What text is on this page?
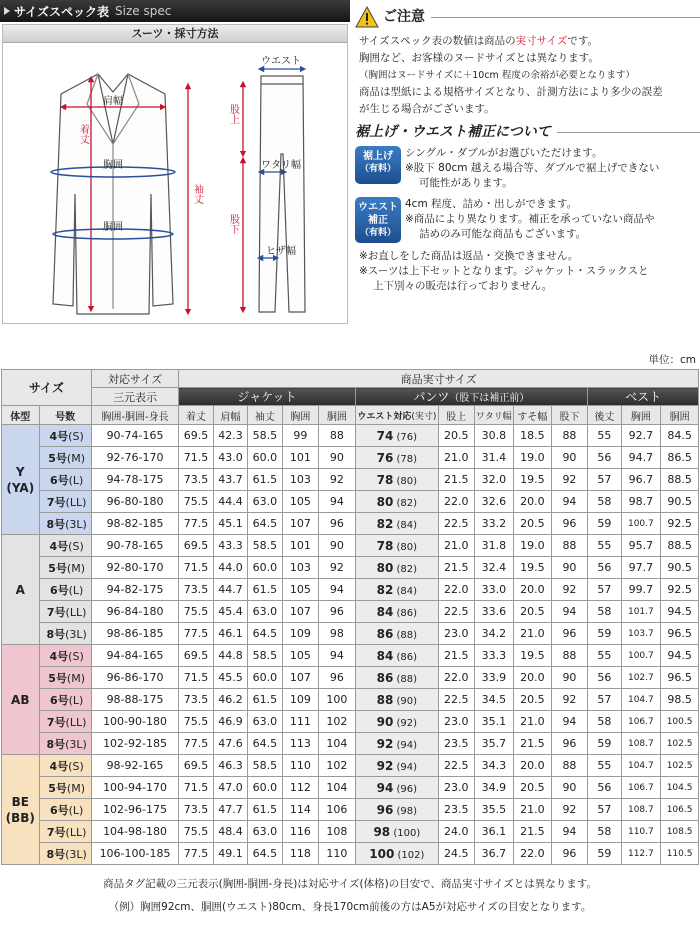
サイズスペック表 Size spec
スーツ・採寸方法
肩幅
着丈
胸囲
胴囲
袖丈
ウエスト
股上
股下
ワタリ幅
ヒザ幅
ご注意

サイズスペック表の数値は商品の実寸サイズです。

胸囲など、お客様のヌードサイズとは異なります。

（胸囲はヌードサイズに＋10cm 程度の余裕が必要となります）

商品は型紙による規格サイズとなり、計測方法により多少の誤差

が生じる場合がございます。

裾上げ・ウエスト補正について
裾上げ
（有料）

シングル・ダブルがお選びいただけます。

※股下 80cm 越える場合等、ダブルで裾上げできない

可能性があります。

ウエスト
補正
（有料）

4cm 程度、詰め・出しができます。

※商品により異なります。補正を承っていない商品や

詰めのみ可能な商品もございます。

※お直しをした商品は返品・交換できません。

※スーツは上下セットとなります。ジャケット・スラックスと

上下別々の販売は行っておりません。

単位：cm
サイズ		対応サイズ	商品実寸サイズ												
		三元表示	ジャケット					パンツ（股下は補正前）					ベスト		
体型	号数	胸囲-胴囲-身長	着丈	肩幅	袖丈	胸囲	胴囲	ウエスト対応(実寸)	股上	ワタリ幅	すそ幅	股下	後丈	胸囲	胴囲

Y
(YA)	4号(S)	90-74-165	69.5	42.3	58.5	99	88	74 (76)	20.5	30.8	18.5	88	55	92.7	84.5
	5号(M)	92-76-170	71.5	43.0	60.0	101	90	76 (78)	21.0	31.4	19.0	90	56	94.7	86.5
	6号(L)	94-78-175	73.5	43.7	61.5	103	92	78 (80)	21.5	32.0	19.5	92	57	96.7	88.5
	7号(LL)	96-80-180	75.5	44.4	63.0	105	94	80 (82)	22.0	32.6	20.0	94	58	98.7	90.5
	8号(3L)	98-82-185	77.5	45.1	64.5	107	96	82 (84)	22.5	33.2	20.5	96	59	100.7	92.5

A	4号(S)	90-78-165	69.5	43.3	58.5	101	90	78 (80)	21.0	31.8	19.0	88	55	95.7	88.5
	5号(M)	92-80-170	71.5	44.0	60.0	103	92	80 (82)	21.5	32.4	19.5	90	56	97.7	90.5
	6号(L)	94-82-175	73.5	44.7	61.5	105	94	82 (84)	22.0	33.0	20.0	92	57	99.7	92.5
	7号(LL)	96-84-180	75.5	45.4	63.0	107	96	84 (86)	22.5	33.6	20.5	94	58	101.7	94.5
	8号(3L)	98-86-185	77.5	46.1	64.5	109	98	86 (88)	23.0	34.2	21.0	96	59	103.7	96.5

AB	4号(S)	94-84-165	69.5	44.8	58.5	105	94	84 (86)	21.5	33.3	19.5	88	55	100.7	94.5
	5号(M)	96-86-170	71.5	45.5	60.0	107	96	86 (88)	22.0	33.9	20.0	90	56	102.7	96.5
	6号(L)	98-88-175	73.5	46.2	61.5	109	100	88 (90)	22.5	34.5	20.5	92	57	104.7	98.5
	7号(LL)	100-90-180	75.5	46.9	63.0	111	102	90 (92)	23.0	35.1	21.0	94	58	106.7	100.5
	8号(3L)	102-92-185	77.5	47.6	64.5	113	104	92 (94)	23.5	35.7	21.5	96	59	108.7	102.5

BE
(BB)	4号(S)	98-92-165	69.5	46.3	58.5	110	102	92 (94)	22.5	34.3	20.0	88	55	104.7	102.5
	5号(M)	100-94-170	71.5	47.0	60.0	112	104	94 (96)	23.0	34.9	20.5	90	56	106.7	104.5
	6号(L)	102-96-175	73.5	47.7	61.5	114	106	96 (98)	23.5	35.5	21.0	92	57	108.7	106.5
	7号(LL)	104-98-180	75.5	48.4	63.0	116	108	98 (100)	24.0	36.1	21.5	94	58	110.7	108.5
	8号(3L)	106-100-185	77.5	49.1	64.5	118	110	100 (102)	24.5	36.7	22.0	96	59	112.7	110.5
商品タグ記載の三元表示(胸囲-胴囲-身長)は対応サイズ(体格)の目安で、商品実寸サイズとは異なります。
（例）胸囲92cm、胴囲(ウエスト)80cm、身長170cm前後の方はA5が対応サイズの目安となります。
